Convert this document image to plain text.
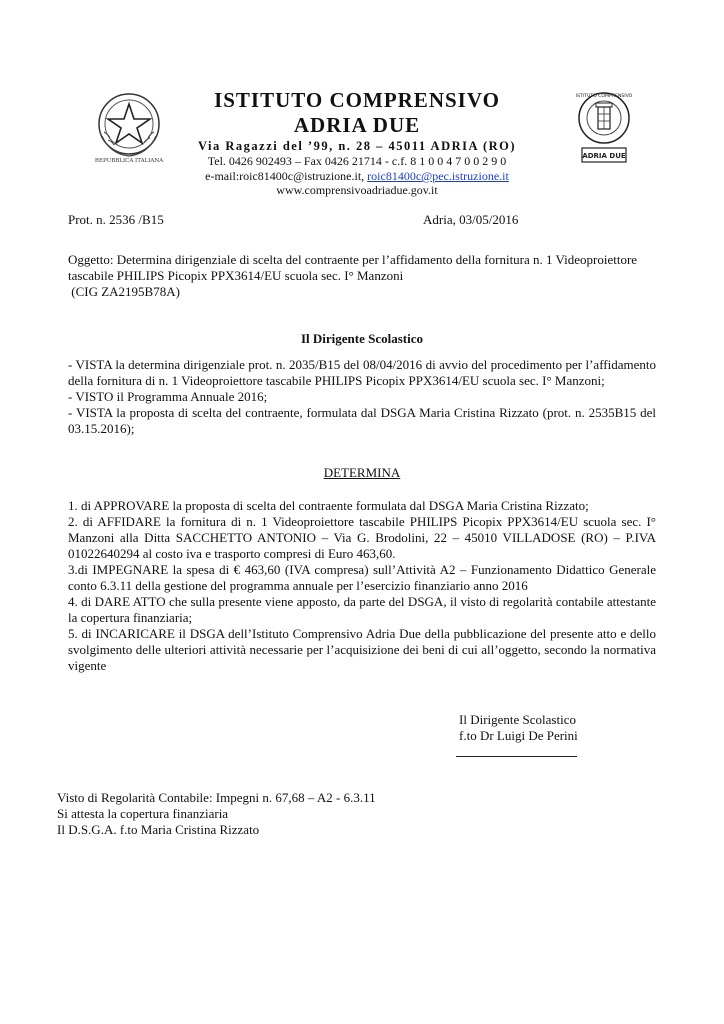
REPUBBLICA ITALIANA
ISTITUTO COMPRENSIVO
ADRIA DUE
Via Ragazzi del ’99, n. 28 – 45011 ADRIA (RO)
Tel. 0426 902493 – Fax 0426 21714 - c.f. 8 1 0 0 4 7 0 0 2 9 0
e-mail:roic81400c@istruzione.it, roic81400c@pec.istruzione.it
www.comprensivoadriadue.gov.it
ISTITUTO COMPRENSIVO
ADRIA DUE
Prot. n. 2536 /B15	Adria, 03/05/2016
Oggetto: Determina dirigenziale di scelta del contraente per l’affidamento della fornitura n. 1 Videoproiettore
tascabile PHILIPS Picopix PPX3614/EU scuola sec. I° Manzoni
(CIG ZA2195B78A)
Il Dirigente Scolastico
- VISTA la determina dirigenziale prot. n. 2035/B15 del 08/04/2016 di avvio del procedimento per l’affidamento della fornitura di n. 1 Videoproiettore tascabile PHILIPS Picopix PPX3614/EU scuola sec. I° Manzoni;
- VISTO il Programma Annuale 2016;
- VISTA la proposta di scelta del contraente, formulata dal DSGA Maria Cristina Rizzato (prot. n. 2535B15 del 03.15.2016);
DETERMINA
1. di APPROVARE la proposta di scelta del contraente formulata dal DSGA Maria Cristina Rizzato;
2. di AFFIDARE la fornitura di n. 1 Videoproiettore tascabile PHILIPS Picopix PPX3614/EU scuola sec. I° Manzoni alla Ditta SACCHETTO ANTONIO – Via G. Brodolini, 22 – 45010 VILLADOSE (RO) – P.IVA 01022640294 al costo iva e trasporto compresi di Euro 463,60.
3.di IMPEGNARE la spesa di € 463,60 (IVA compresa) sull’Attività A2 – Funzionamento Didattico Generale conto 6.3.11 della gestione del programma annuale per l’esercizio finanziario anno 2016
4. di DARE ATTO che sulla presente viene apposto, da parte del DSGA, il visto di regolarità contabile attestante la copertura finanziaria;
5. di INCARICARE il DSGA dell’Istituto Comprensivo Adria Due della pubblicazione del presente atto e dello svolgimento delle ulteriori attività necessarie per l’acquisizione dei beni di cui all’oggetto, secondo la normativa vigente
Il Dirigente Scolastico
f.to Dr Luigi De Perini
Visto di Regolarità Contabile: Impegni n. 67,68 – A2 - 6.3.11
Si attesta la copertura finanziaria
Il D.S.G.A. f.to Maria Cristina Rizzato
